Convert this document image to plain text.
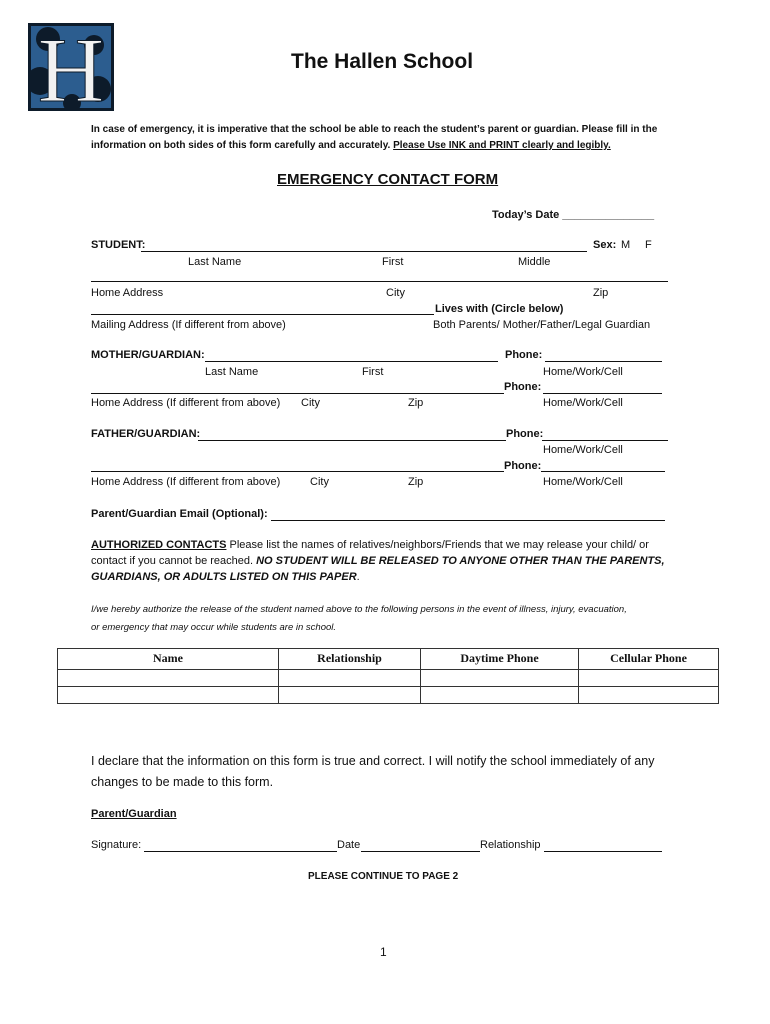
H	The Hallen School
In case of emergency, it is imperative that the school be able to reach the student’s parent or guardian. Please fill in the
information on both sides of this form carefully and accurately. Please Use INK and PRINT clearly and legibly.
EMERGENCY CONTACT FORM
Today’s Date _______________
STUDENT:	Sex: M F
Last Name	First	Middle
Home Address	City	Zip
Lives with (Circle below)
Mailing Address (If different from above)	Both Parents/ Mother/Father/Legal Guardian
MOTHER/GUARDIAN:	Phone:
Last Name	First	Home/Work/Cell
Phone:
Home Address (If different from above) City	Zip	Home/Work/Cell
FATHER/GUARDIAN:	Phone:
Home/Work/Cell
Phone:
Home Address (If different from above)	City	Zip	Home/Work/Cell
Parent/Guardian Email (Optional):
AUTHORIZED CONTACTS Please list the names of relatives/neighbors/Friends that we may release your child/ or
contact if you cannot be reached. NO STUDENT WILL BE RELEASED TO ANYONE OTHER THAN THE PARENTS,
GUARDIANS, OR ADULTS LISTED ON THIS PAPER.
I/we hereby authorize the release of the student named above to the following persons in the event of illness, injury, evacuation,
or emergency that may occur while students are in school.
Name	Relationship	Daytime Phone	Cellular Phone

I declare that the information on this form is true and correct. I will notify the school immediately of any
changes to be made to this form.
Parent/Guardian
Signature:	Date	Relationship
PLEASE CONTINUE TO PAGE 2
1
